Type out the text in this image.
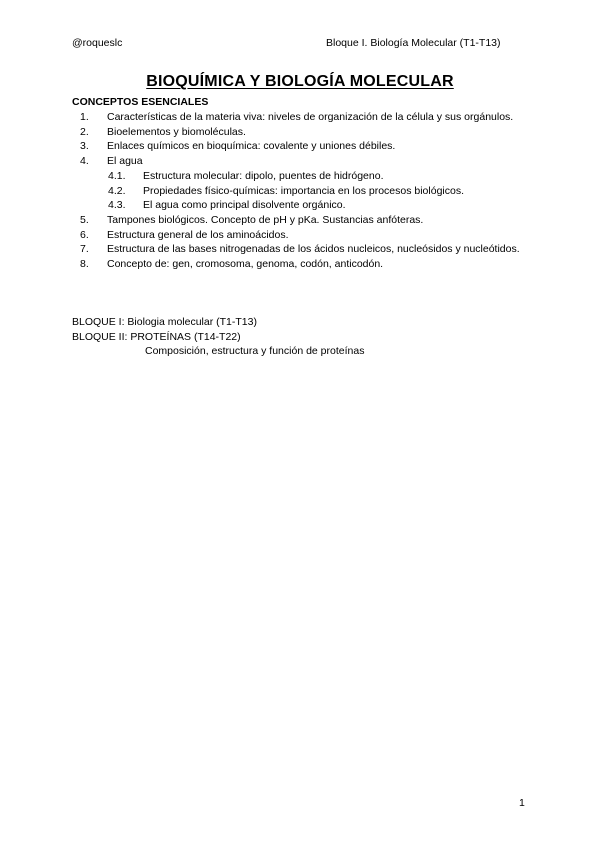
@roqueslc	Bloque I. Biología Molecular (T1-T13)
BIOQUÍMICA Y BIOLOGÍA MOLECULAR
CONCEPTOS ESENCIALES
1. Características de la materia viva: niveles de organización de la célula y sus orgánulos.
2. Bioelementos y biomoléculas.
3. Enlaces químicos en bioquímica: covalente y uniones débiles.
4. El agua
4.1. Estructura molecular: dipolo, puentes de hidrógeno.
4.2. Propiedades físico-químicas: importancia en los procesos biológicos.
4.3. El agua como principal disolvente orgánico.
5. Tampones biológicos. Concepto de pH y pKa. Sustancias anfóteras.
6. Estructura general de los aminoácidos.
7. Estructura de las bases nitrogenadas de los ácidos nucleicos, nucleósidos y nucleótidos.
8. Concepto de: gen, cromosoma, genoma, codón, anticodón.
BLOQUE I: Biologia molecular (T1-T13)
BLOQUE II: PROTEÍNAS (T14-T22)
Composición, estructura y función de proteínas
1
